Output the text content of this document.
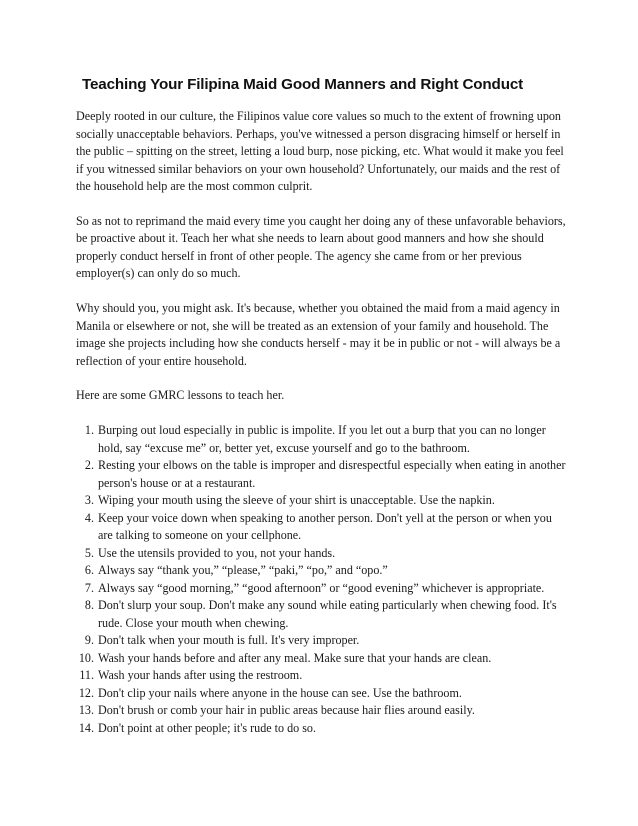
Teaching Your Filipina Maid Good Manners and Right Conduct

Deeply rooted in our culture, the Filipinos value core values so much to the extent of frowning upon socially unacceptable behaviors. Perhaps, you've witnessed a person disgracing himself or herself in the public – spitting on the street, letting a loud burp, nose picking, etc. What would it make you feel if you witnessed similar behaviors on your own household? Unfortunately, our maids and the rest of the household help are the most common culprit.

So as not to reprimand the maid every time you caught her doing any of these unfavorable behaviors, be proactive about it. Teach her what she needs to learn about good manners and how she should properly conduct herself in front of other people. The agency she came from or her previous employer(s) can only do so much.

Why should you, you might ask. It's because, whether you obtained the maid from a maid agency in Manila or elsewhere or not, she will be treated as an extension of your family and household. The image she projects including how she conducts herself - may it be in public or not - will always be a reflection of your entire household.

Here are some GMRC lessons to teach her.

1. Burping out loud especially in public is impolite. If you let out a burp that you can no longer hold, say “excuse me” or, better yet, excuse yourself and go to the bathroom.
2. Resting your elbows on the table is improper and disrespectful especially when eating in another person's house or at a restaurant.
3. Wiping your mouth using the sleeve of your shirt is unacceptable. Use the napkin.
4. Keep your voice down when speaking to another person. Don't yell at the person or when you are talking to someone on your cellphone.
5. Use the utensils provided to you, not your hands.
6. Always say “thank you,” “please,” “paki,” “po,” and “opo.”
7. Always say “good morning,” “good afternoon” or “good evening” whichever is appropriate.
8. Don't slurp your soup. Don't make any sound while eating particularly when chewing food. It's rude. Close your mouth when chewing.
9. Don't talk when your mouth is full. It's very improper.
10. Wash your hands before and after any meal. Make sure that your hands are clean.
11. Wash your hands after using the restroom.
12. Don't clip your nails where anyone in the house can see. Use the bathroom.
13. Don't brush or comb your hair in public areas because hair flies around easily.
14. Don't point at other people; it's rude to do so.
